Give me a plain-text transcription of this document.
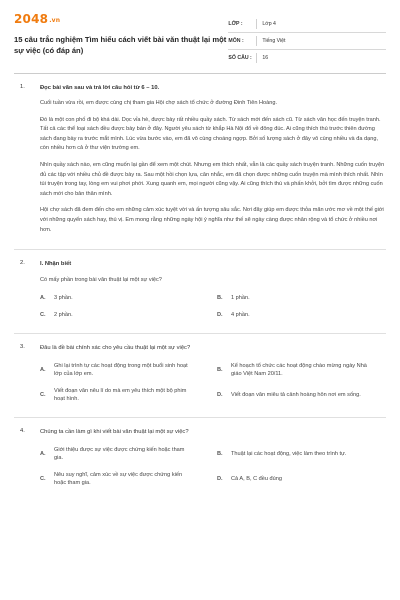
2048 .vn
15 câu trắc nghiệm Tìm hiểu cách viết bài văn thuật lại một sự việc (có đáp án)
LỚP :	Lớp 4
MÔN :	Tiếng Việt
SỐ CÂU :	16
1.	Đọc bài văn sau và trả lời câu hỏi từ 6 – 10.
Cuối tuần vừa rồi, em được cùng chị tham gia Hội chợ sách tổ chức ở đường Đinh Tiên Hoàng.
Đó là một con phố đi bộ khá dài. Dọc vỉa hè, được bày rất nhiều quầy sách. Từ sách mới đến sách cũ. Từ sách văn học đến truyện tranh. Tất cả các thể loại sách đều được bày bán ở đây. Người yêu sách từ khắp Hà Nội đổ về đông đúc. Ai cũng thích thú trước thiên đường sách đang bày ra trước mắt mình. Lúc vừa bước vào, em đã vô cùng choáng ngợp. Bởi số lượng sách ở đây vô cùng nhiều và đa dạng, còn nhiều hơn cả ở thư viện trường em.
Nhìn quầy sách nào, em cũng muốn lại gần để xem một chút. Nhưng em thích nhất, vẫn là các quầy sách truyện tranh. Những cuốn truyện đủ các tập với nhiều chủ đề được bày ra. Sau một hồi chọn lựa, cân nhắc, em đã chọn được những cuốn truyện mà mình thích nhất. Nhìn túi truyện trong tay, lòng em vui phơi phới. Xung quanh em, mọi người cũng vậy. Ai cũng thích thú và phấn khởi, bởi tìm được những cuốn sách mới cho bản thân mình.
Hội chợ sách đã đem đến cho em những cảm xúc tuyệt vời và ấn tượng sâu sắc. Nơi đây giúp em được thỏa mãn ước mơ về một thế giới với những quyển sách hay, thú vị. Em mong rằng những ngày hội ý nghĩa như thế sẽ ngày càng được nhân rộng và tổ chức ở nhiều nơi hơn.
2.	I. Nhận biết
Có mấy phần trong bài văn thuật lại một sự việc?
A.	3 phần.	B.	1 phần.
C.	2 phần.	D.	4 phần.
3.	Đâu là đề bài chính xác cho yêu cầu thuật lại một sự việc?
A.
Ghi lại trình tự các hoạt động trong một buổi sinh hoạt lớp của lớp em.
B.
Kể hoạch tổ chức các hoạt động chào mừng ngày Nhà giáo Việt Nam 20/11.
C.
Viết đoạn văn nêu lí do mà em yêu thích một bộ phim hoạt hình.
D.	Viết đoạn văn miêu tả cảnh hoàng hôn nơi em sống.
4.	Chúng ta cần làm gì khi viết bài văn thuật lại một sự việc?
A.
Giới thiệu được sự việc được chứng kiến hoặc tham gia.
B.	Thuật lại các hoạt động, việc làm theo trình tự.
C.
Nêu suy nghĩ, cảm xúc về sự việc được chứng kiến hoặc tham gia.
D.	Cả A, B, C đều đúng
